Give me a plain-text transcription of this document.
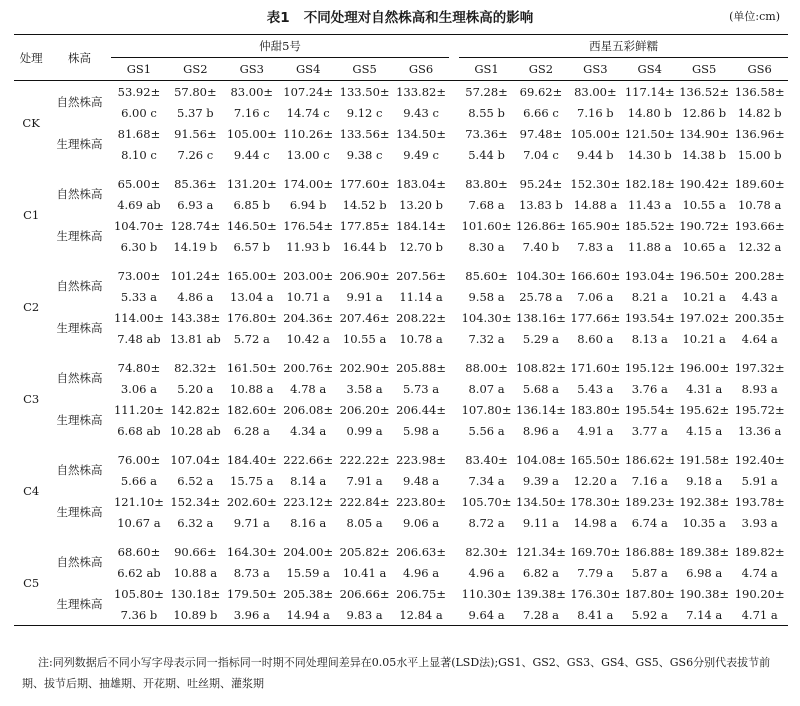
表1 不同处理对自然株高和生理株高的影响	(单位:cm)
处理	株高	仲甜5号							西星五彩鲜糯					
		GS1	GS2	GS3	GS4	GS5	GS6		GS1	GS2	GS3	GS4	GS5	GS6
CK	自然株高	53.92±	57.80±	83.00±	107.24±	133.50±	133.82±		57.28±	69.62±	83.00±	117.14±	136.52±	136.58±
		6.00 c	5.37 b	7.16 c	14.74 c	9.12 c	9.43 c		8.55 b	6.66 c	7.16 b	14.80 b	12.86 b	14.82 b
	生理株高	81.68±	91.56±	105.00±	110.26±	133.56±	134.50±		73.36±	97.48±	105.00±	121.50±	134.90±	136.96±
		8.10 c	7.26 c	9.44 c	13.00 c	9.38 c	9.49 c		5.44 b	7.04 c	9.44 b	14.30 b	14.38 b	15.00 b

C1	自然株高	65.00±	85.36±	131.20±	174.00±	177.60±	183.04±		83.80±	95.24±	152.30±	182.18±	190.42±	189.60±
		4.69 ab	6.93 a	6.85 b	6.94 b	14.52 b	13.20 b		7.68 a	13.83 b	14.88 a	11.43 a	10.55 a	10.78 a
	生理株高	104.70±	128.74±	146.50±	176.54±	177.85±	184.14±		101.60±	126.86±	165.90±	185.52±	190.72±	193.66±
		6.30 b	14.19 b	6.57 b	11.93 b	16.44 b	12.70 b		8.30 a	7.40 b	7.83 a	11.88 a	10.65 a	12.32 a

C2	自然株高	73.00±	101.24±	165.00±	203.00±	206.90±	207.56±		85.60±	104.30±	166.60±	193.04±	196.50±	200.28±
		5.33 a	4.86 a	13.04 a	10.71 a	9.91 a	11.14 a		9.58 a	25.78 a	7.06 a	8.21 a	10.21 a	4.43 a
	生理株高	114.00±	143.38±	176.80±	204.36±	207.46±	208.22±		104.30±	138.16±	177.66±	193.54±	197.02±	200.35±
		7.48 ab	13.81 ab	5.72 a	10.42 a	10.55 a	10.78 a		7.32 a	5.29 a	8.60 a	8.13 a	10.21 a	4.64 a

C3	自然株高	74.80±	82.32±	161.50±	200.76±	202.90±	205.88±		88.00±	108.82±	171.60±	195.12±	196.00±	197.32±
		3.06 a	5.20 a	10.88 a	4.78 a	3.58 a	5.73 a		8.07 a	5.68 a	5.43 a	3.76 a	4.31 a	8.93 a
	生理株高	111.20±	142.82±	182.60±	206.08±	206.20±	206.44±		107.80±	136.14±	183.80±	195.54±	195.62±	195.72±
		6.68 ab	10.28 ab	6.28 a	4.34 a	0.99 a	5.98 a		5.56 a	8.96 a	4.91 a	3.77 a	4.15 a	13.36 a

C4	自然株高	76.00±	107.04±	184.40±	222.66±	222.22±	223.98±		83.40±	104.08±	165.50±	186.62±	191.58±	192.40±
		5.66 a	6.52 a	15.75 a	8.14 a	7.91 a	9.48 a		7.34 a	9.39 a	12.20 a	7.16 a	9.18 a	5.91 a
	生理株高	121.10±	152.34±	202.60±	223.12±	222.84±	223.80±		105.70±	134.50±	178.30±	189.23±	192.38±	193.78±
		10.67 a	6.32 a	9.71 a	8.16 a	8.05 a	9.06 a		8.72 a	9.11 a	14.98 a	6.74 a	10.35 a	3.93 a

C5	自然株高	68.60±	90.66±	164.30±	204.00±	205.82±	206.63±		82.30±	121.34±	169.70±	186.88±	189.38±	189.82±
		6.62 ab	10.88 a	8.73 a	15.59 a	10.41 a	4.96 a		4.96 a	6.82 a	7.79 a	5.87 a	6.98 a	4.74 a
	生理株高	105.80±	130.18±	179.50±	205.38±	206.66±	206.75±		110.30±	139.38±	176.30±	187.80±	190.38±	190.20±
		7.36 b	10.89 b	3.96 a	14.94 a	9.83 a	12.84 a		9.64 a	7.28 a	8.41 a	5.92 a	7.14 a	4.71 a
注:同列数据后不同小写字母表示同一指标同一时期不同处理间差异在0.05水平上显著(LSD法);GS1、GS2、GS3、GS4、GS5、GS6分别代表拔节前期、拔节后期、抽雄期、开花期、吐丝期、灌浆期
